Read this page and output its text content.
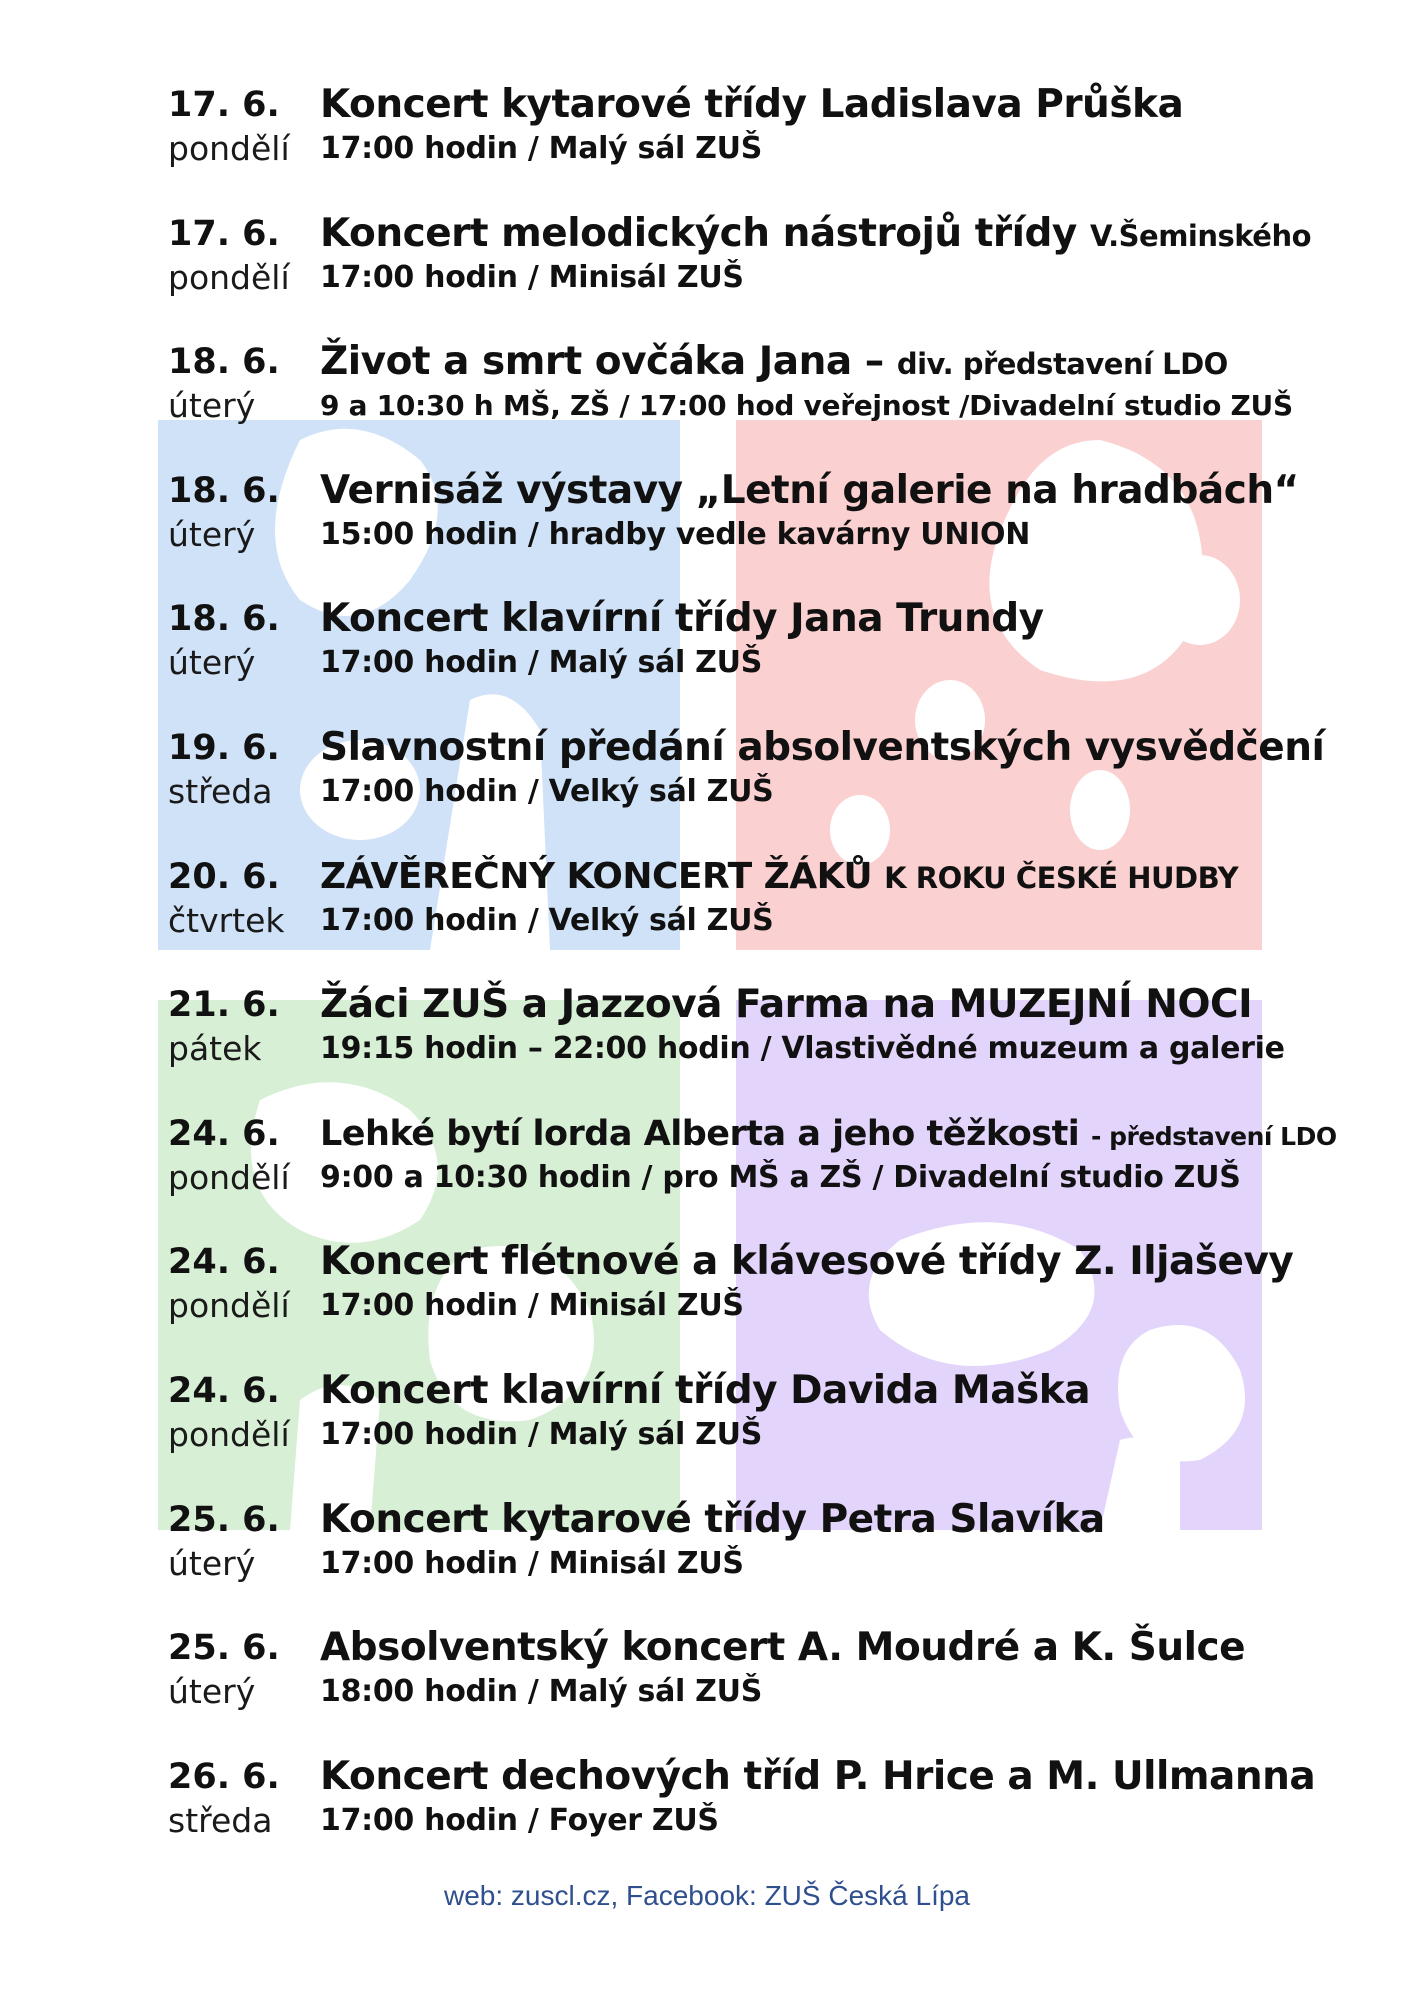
17. 6.
pondělí
Koncert kytarové třídy Ladislava Průška
17:00 hodin / Malý sál ZUŠ
17. 6.
pondělí
Koncert melodických nástrojů třídy V.Šeminského
17:00 hodin / Minisál ZUŠ
18. 6.
úterý
Život a smrt ovčáka Jana – div. představení LDO
9 a 10:30 h MŠ, ZŠ / 17:00 hod veřejnost /Divadelní studio ZUŠ
18. 6.
úterý
Vernisáž výstavy „Letní galerie na hradbách“
15:00 hodin / hradby vedle kavárny UNION
18. 6.
úterý
Koncert klavírní třídy Jana Trundy
17:00 hodin / Malý sál ZUŠ
19. 6.
středa
Slavnostní předání absolventských vysvědčení
17:00 hodin / Velký sál ZUŠ
20. 6.
čtvrtek
ZÁVĚREČNÝ KONCERT ŽÁKŮ K ROKU ČESKÉ HUDBY
17:00 hodin / Velký sál ZUŠ
21. 6.
pátek
Žáci ZUŠ a Jazzová Farma na MUZEJNÍ NOCI
19:15 hodin – 22:00 hodin / Vlastivědné muzeum a galerie
24. 6.
pondělí
Lehké bytí lorda Alberta a jeho těžkosti - představení LDO
9:00 a 10:30 hodin / pro MŠ a ZŠ / Divadelní studio ZUŠ
24. 6.
pondělí
Koncert flétnové a klávesové třídy Z. Iljaševy
17:00 hodin / Minisál ZUŠ
24. 6.
pondělí
Koncert klavírní třídy Davida Maška
17:00 hodin / Malý sál ZUŠ
25. 6.
úterý
Koncert kytarové třídy Petra Slavíka
17:00 hodin / Minisál ZUŠ
25. 6.
úterý
Absolventský koncert A. Moudré a K. Šulce
18:00 hodin / Malý sál ZUŠ
26. 6.
středa
Koncert dechových tříd P. Hrice a M. Ullmanna
17:00 hodin / Foyer ZUŠ
web: zuscl.cz, Facebook: ZUŠ Česká Lípa
